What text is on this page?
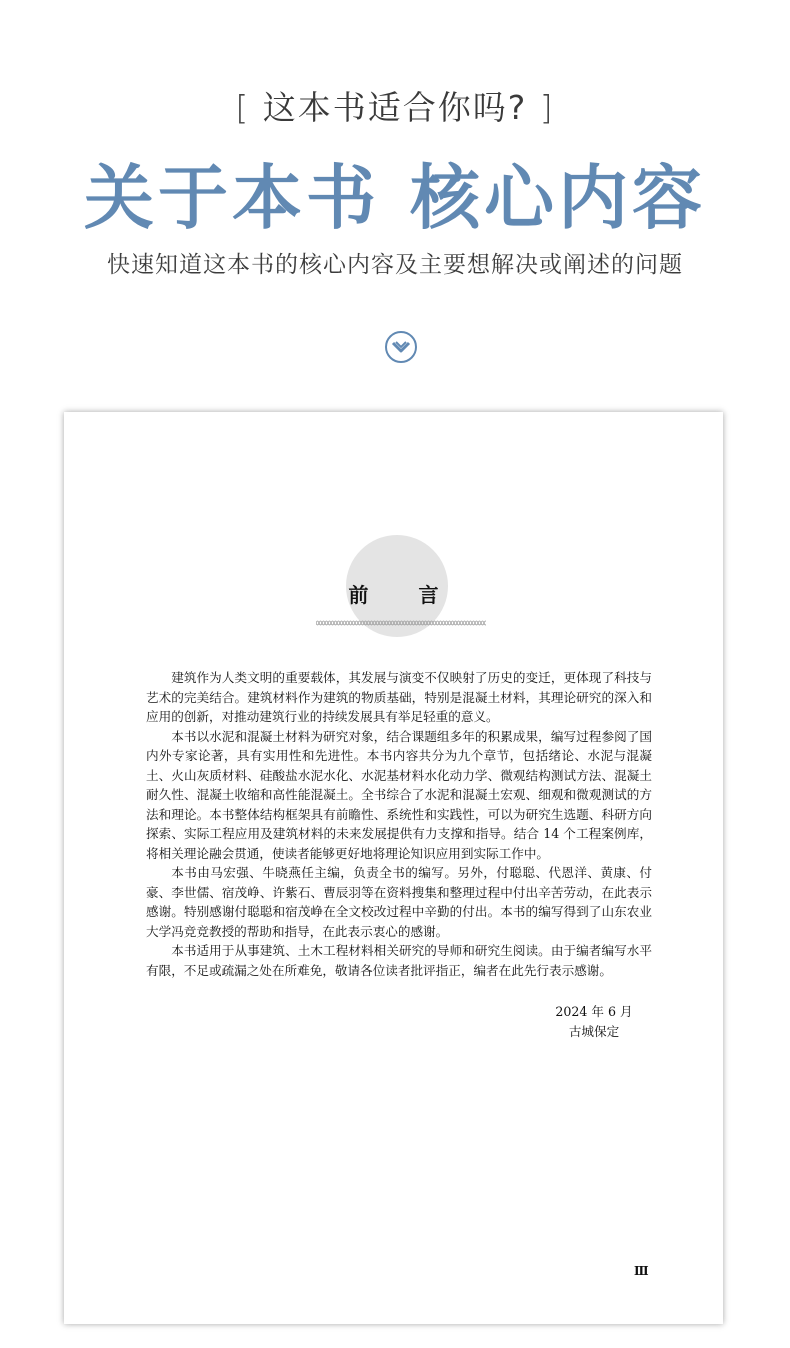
[ 这本书适合你吗? ]
关于本书 核心内容
快速知道这本书的核心内容及主要想解决或阐述的问题
前言

建筑作为人类文明的重要载体，其发展与演变不仅映射了历史的变迁，更体现了科技与艺术的完美结合。建筑材料作为建筑的物质基础，特别是混凝土材料，其理论研究的深入和应用的创新，对推动建筑行业的持续发展具有举足轻重的意义。

本书以水泥和混凝土材料为研究对象，结合课题组多年的积累成果，编写过程参阅了国内外专家论著，具有实用性和先进性。本书内容共分为九个章节，包括绪论、水泥与混凝土、火山灰质材料、硅酸盐水泥水化、水泥基材料水化动力学、微观结构测试方法、混凝土耐久性、混凝土收缩和高性能混凝土。全书综合了水泥和混凝土宏观、细观和微观测试的方法和理论。本书整体结构框架具有前瞻性、系统性和实践性，可以为研究生选题、科研方向探索、实际工程应用及建筑材料的未来发展提供有力支撑和指导。结合 14 个工程案例库，将相关理论融会贯通，使读者能够更好地将理论知识应用到实际工作中。

本书由马宏强、牛晓燕任主编，负责全书的编写。另外，付聪聪、代恩洋、黄康、付豪、李世儒、宿茂峥、许紫石、曹辰羽等在资料搜集和整理过程中付出辛苦劳动，在此表示感谢。特别感谢付聪聪和宿茂峥在全文校改过程中辛勤的付出。本书的编写得到了山东农业大学冯竞竞教授的帮助和指导，在此表示衷心的感谢。

本书适用于从事建筑、土木工程材料相关研究的导师和研究生阅读。由于编者编写水平有限，不足或疏漏之处在所难免，敬请各位读者批评指正，编者在此先行表示感谢。

2024 年 6 月
古城保定
Ⅲ
